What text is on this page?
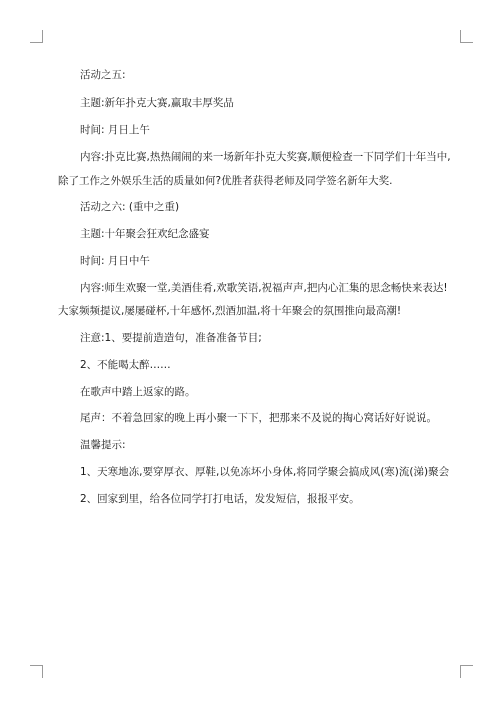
活动之五:
主题:新年扑克大赛,赢取丰厚奖品
时间: 月日上午
内容:扑克比赛,热热闹闹的来一场新年扑克大奖赛,顺便检查一下同学们十年当中,
除了工作之外娱乐生活的质量如何?优胜者获得老师及同学签名新年大奖.
活动之六: (重中之重)
主题:十年聚会狂欢纪念盛宴
时间: 月日中午
内容:师生欢聚一堂,美酒佳肴,欢歌笑语,祝福声声,把内心汇集的思念畅快来表达!
大家频频提议,屡屡碰杯,十年感怀,烈酒加温,将十年聚会的氛围推向最高潮!
注意:1、要提前造造句，准备准备节目;
2、不能喝太醉……
在歌声中踏上返家的路。
尾声：不着急回家的晚上再小聚一下下，把那来不及说的掏心窝话好好说说。
温馨提示:
1、天寒地冻,要穿厚衣、厚鞋,以免冻坏小身体,将同学聚会搞成风(寒)流(涕)聚会
2、回家到里，给各位同学打打电话，发发短信，报报平安。
